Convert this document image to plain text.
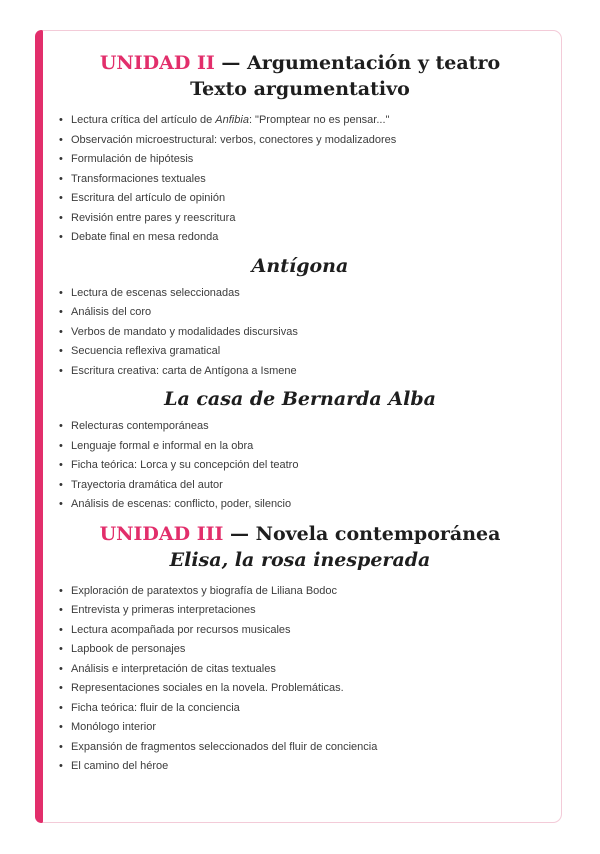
UNIDAD II — Argumentación y teatro
Texto argumentativo
• Lectura crítica del artículo de Anfibia: "Promptear no es pensar..."
• Observación microestructural: verbos, conectores y modalizadores
• Formulación de hipótesis
• Transformaciones textuales
• Escritura del artículo de opinión
• Revisión entre pares y reescritura
• Debate final en mesa redonda
Antígona
• Lectura de escenas seleccionadas
• Análisis del coro
• Verbos de mandato y modalidades discursivas
• Secuencia reflexiva gramatical
• Escritura creativa: carta de Antígona a Ismene
La casa de Bernarda Alba
• Relecturas contemporáneas
• Lenguaje formal e informal en la obra
• Ficha teórica: Lorca y su concepción del teatro
• Trayectoria dramática del autor
• Análisis de escenas: conflicto, poder, silencio
UNIDAD III — Novela contemporánea
Elisa, la rosa inesperada
• Exploración de paratextos y biografía de Liliana Bodoc
• Entrevista y primeras interpretaciones
• Lectura acompañada por recursos musicales
• Lapbook de personajes
• Análisis e interpretación de citas textuales
• Representaciones sociales en la novela. Problemáticas.
• Ficha teórica: fluir de la conciencia
• Monólogo interior
• Expansión de fragmentos seleccionados del fluir de conciencia
• El camino del héroe
